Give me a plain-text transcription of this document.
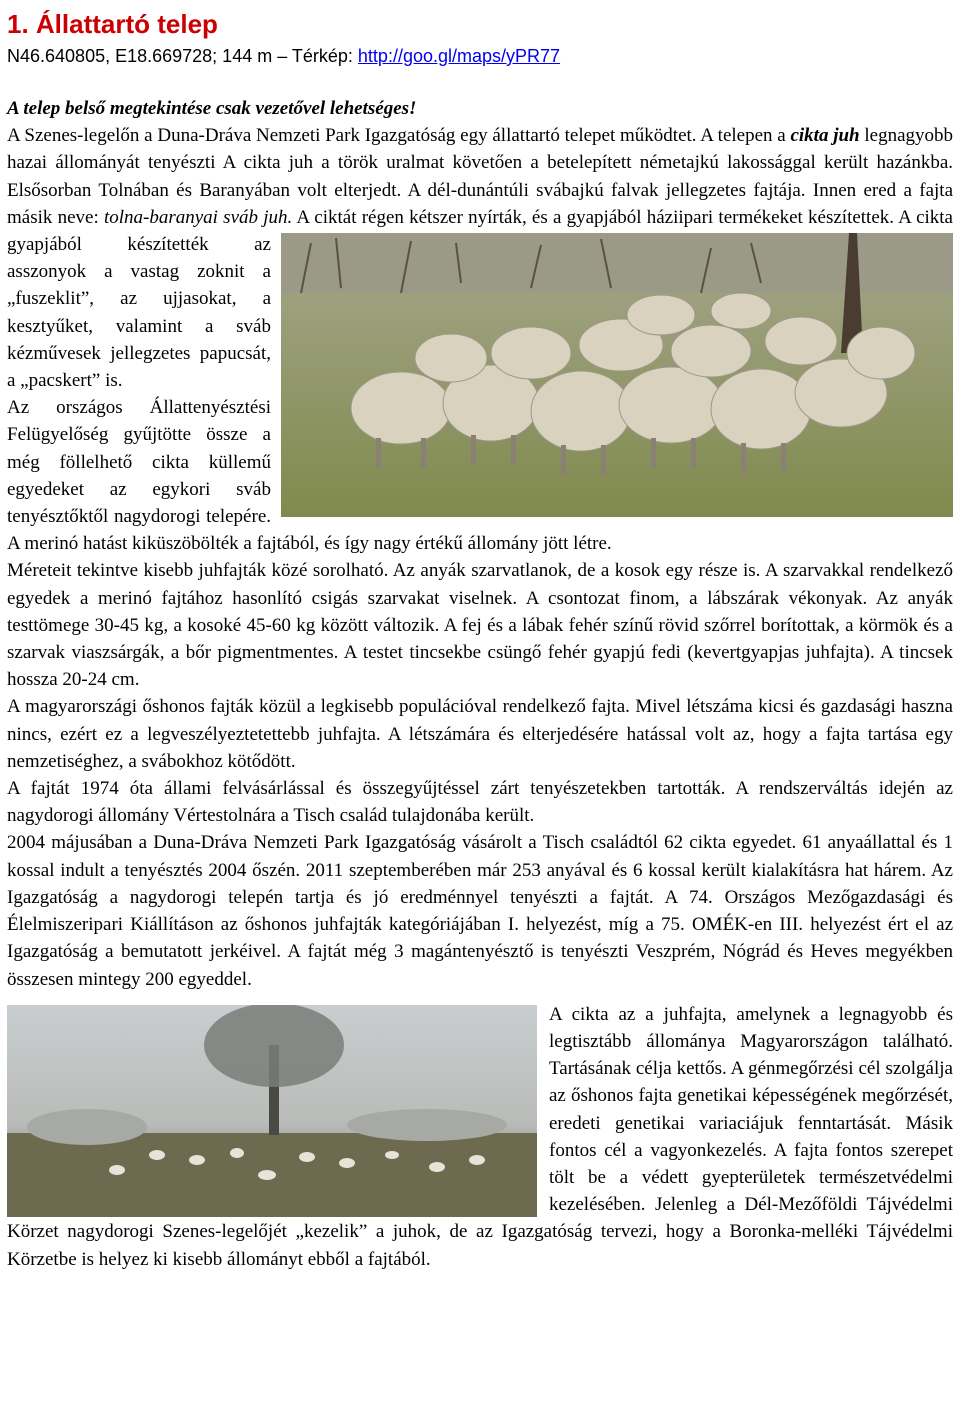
1. Állattartó telep

N46.640805, E18.669728; 144 m – Térkép: http://goo.gl/maps/yPR77

A telep belső megtekintése csak vezetővel lehetséges!

A Szenes-legelőn a Duna-Dráva Nemzeti Park Igazgatóság egy állattartó telepet működtet. A telepen a cikta juh legnagyobb hazai állományát tenyészti A cikta juh a török uralmat követően a betelepített németajkú lakossággal került hazánkba. Elsősorban Tolnában és Baranyában volt elterjedt. A dél-dunántúli svábajkú falvak jellegzetes fajtája. Innen ered a fajta másik neve: tolna-baranyai sváb juh.
A ciktát régen kétszer nyírták, és a gyapjából háziipari termékeket készítettek. A cikta gyapjából készítették az asszonyok a vastag zoknit a „fuszeklit”, az ujjasokat, a kesztyűket, valamint a sváb kézművesek jellegzetes papucsát, a „pacskert” is.

Az országos Állattenyésztési Felügyelőség gyűjtötte össze a még föllelhető cikta küllemű egyedeket az egykori sváb tenyésztőktől nagydorogi telepére. A merinó hatást kiküszöbölték a fajtából, és így nagy értékű állomány jött létre.

Méreteit tekintve kisebb juhfajták közé sorolható. Az anyák szarvatlanok, de a kosok egy része is. A szarvakkal rendelkező egyedek a merinó fajtához hasonlító csigás szarvakat viselnek. A csontozat finom, a lábszárak vékonyak. Az anyák testtömege 30-45 kg, a kosoké 45-60 kg között változik. A fej és a lábak fehér színű rövid szőrrel borítottak, a körmök és a szarvak viaszsárgák, a bőr pigmentmentes. A testet tincsekbe csüngő fehér gyapjú fedi (kevertgyapjas juhfajta). A tincsek hossza 20-24 cm.

A magyarországi őshonos fajták közül a legkisebb populációval rendelkező fajta. Mivel létszáma kicsi és gazdasági haszna nincs, ezért ez a legveszélyeztetettebb juhfajta. A létszámára és elterjedésére hatással volt az, hogy a fajta tartása egy nemzetiséghez, a svábokhoz kötődött.

A fajtát 1974 óta állami felvásárlással és összegyűjtéssel zárt tenyészetekben tartották. A rendszerváltás idején az nagydorogi állomány Vértestolnára a Tisch család tulajdonába került.

2004 májusában a Duna-Dráva Nemzeti Park Igazgatóság vásárolt a Tisch családtól 62 cikta egyedet. 61 anyaállattal és 1 kossal indult a tenyésztés 2004 őszén. 2011 szeptemberében már 253 anyával és 6 kossal került kialakításra hat hárem. Az Igazgatóság a nagydorogi telepén tartja és jó eredménnyel tenyészti a fajtát. A 74. Országos Mezőgazdasági és Élelmiszeripari Kiállításon az őshonos juhfajták kategóriájában I. helyezést, míg a 75. OMÉK-en III. helyezést ért el az Igazgatóság a bemutatott jerkéivel. A fajtát még 3 magántenyésztő is tenyészti Veszprém, Nógrád és Heves megyékben összesen mintegy 200 egyeddel.

A cikta az a juhfajta, amelynek a legnagyobb és legtisztább állománya Magyarországon található. Tartásának célja kettős. A génmegőrzési cél szolgálja az őshonos fajta genetikai képességének megőrzését, eredeti genetikai variaciájuk fenntartását. Másik fontos cél a vagyonkezelés. A fajta fontos szerepet tölt be a védett gyepterületek természetvédelmi kezelésében. Jelenleg a Dél-Mezőföldi Tájvédelmi Körzet nagydorogi Szenes-legelőjét „kezelik” a juhok, de az Igazgatóság tervezi, hogy a Boronka-melléki Tájvédelmi Körzetbe is helyez ki kisebb állományt ebből a fajtából.
